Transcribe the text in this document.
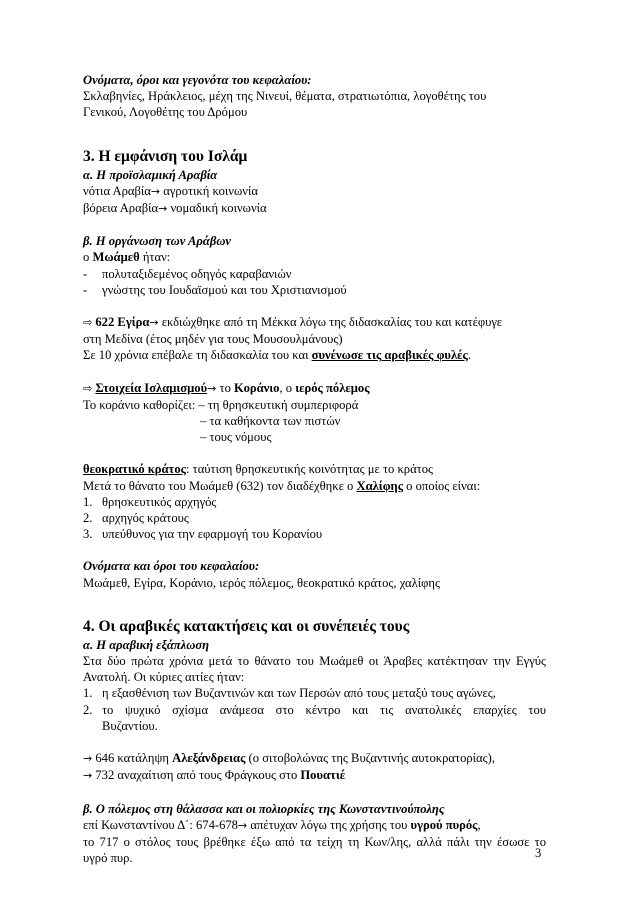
Ονόματα, όροι και γεγονότα του κεφαλαίου:

Σκλαβηνίες, Ηράκλειος, μέχη της Νινευί, θέματα, στρατιωτόπια, λογοθέτης του

Γενικού, Λογοθέτης του Δρόμου

3. Η εμφάνιση του Ισλάμ

α. Η προϊσλαμική Αραβία

νότια Αραβία→ αγροτική κοινωνία

βόρεια Αραβία→ νομαδική κοινωνία

β. Η οργάνωση των Αράβων

ο Μωάμεθ ήταν:

-	πολυταξιδεμένος οδηγός καραβανιών
-	γνώστης του Ιουδαϊσμού και του Χριστιανισμού

⇨ 622 Εγίρα→ εκδιώχθηκε από τη Μέκκα λόγω της διδασκαλίας του και κατέφυγε

στη Μεδίνα (έτος μηδέν για τους Μουσουλμάνους)

Σε 10 χρόνια επέβαλε τη διδασκαλία του και συνένωσε τις αραβικές φυλές.

⇨ Στοιχεία Ισλαμισμού→ το Κοράνιο, ο ιερός πόλεμος

Το κοράνιο καθορίζει: – τη θρησκευτική συμπεριφορά

– τα καθήκοντα των πιστών

– τους νόμους

θεοκρατικό κράτος: ταύτιση θρησκευτικής κοινότητας με το κράτος

Μετά το θάνατο του Μωάμεθ (632) τον διαδέχθηκε ο Χαλίφης ο οποίος είναι:

1. θρησκευτικός αρχηγός
2. αρχηγός κράτους
3. υπεύθυνος για την εφαρμογή του Κορανίου

Ονόματα και όροι του κεφαλαίου:

Μωάμεθ, Εγίρα, Κοράνιο, ιερός πόλεμος, θεοκρατικό κράτος, χαλίφης

4. Οι αραβικές κατακτήσεις και οι συνέπειές τους

α. Η αραβική εξάπλωση

Στα δύο πρώτα χρόνια μετά το θάνατο του Μωάμεθ οι Άραβες κατέκτησαν την Εγγύς

Ανατολή. Οι κύριες αιτίες ήταν:

1. η εξασθένιση των Βυζαντινών και των Περσών από τους μεταξύ τους αγώνες,
2. το ψυχικό σχίσμα ανάμεσα στο κέντρο και τις ανατολικές επαρχίες του
Βυζαντίου.

→ 646 κατάληψη Αλεξάνδρειας (ο σιτοβολώνας της Βυζαντινής αυτοκρατορίας),

→ 732 αναχαίτιση από τους Φράγκους στο Πουατιέ

β. Ο πόλεμος στη θάλασσα και οι πολιορκίες της Κωνσταντινούπολης

επί Κωνσταντίνου Δ΄: 674-678→ απέτυχαν λόγω της χρήσης του υγρού πυρός,

το 717 ο στόλος τους βρέθηκε έξω από τα τείχη τη Κων/λης, αλλά πάλι την έσωσε το

υγρό πυρ.	3
